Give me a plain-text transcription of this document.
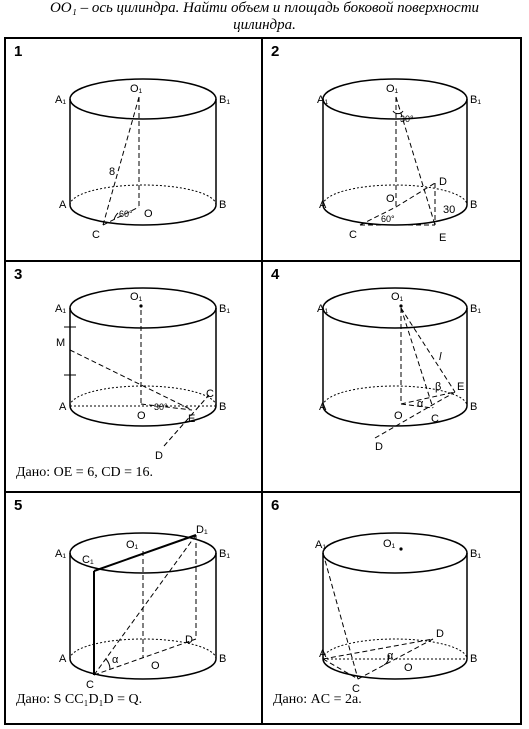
OO₁ – ось цилиндра. Найти объем и площадь боковой поверхности
цилиндра.
1
A₁
O₁
B₁
A
O
B
C
8
60°
2
A₁
O₁
B₁
A	O	B
C
D
E
30°
60°
30
3
M
A₁
O₁
B₁
A
O
B
C
E
D
30°
Дано: OE = 6, CD = 16.
4
A₁
O₁
B₁
A
O
B
C
E
D
l
α
β
5
A₁ C₁
O₁
D₁
B₁
A
O
B
D
C
α
Дано: S CC₁D₁D = Q.
6
A₁	O₁
B₁
A
O
B
D
C
α
Дано: AC = 2a.
